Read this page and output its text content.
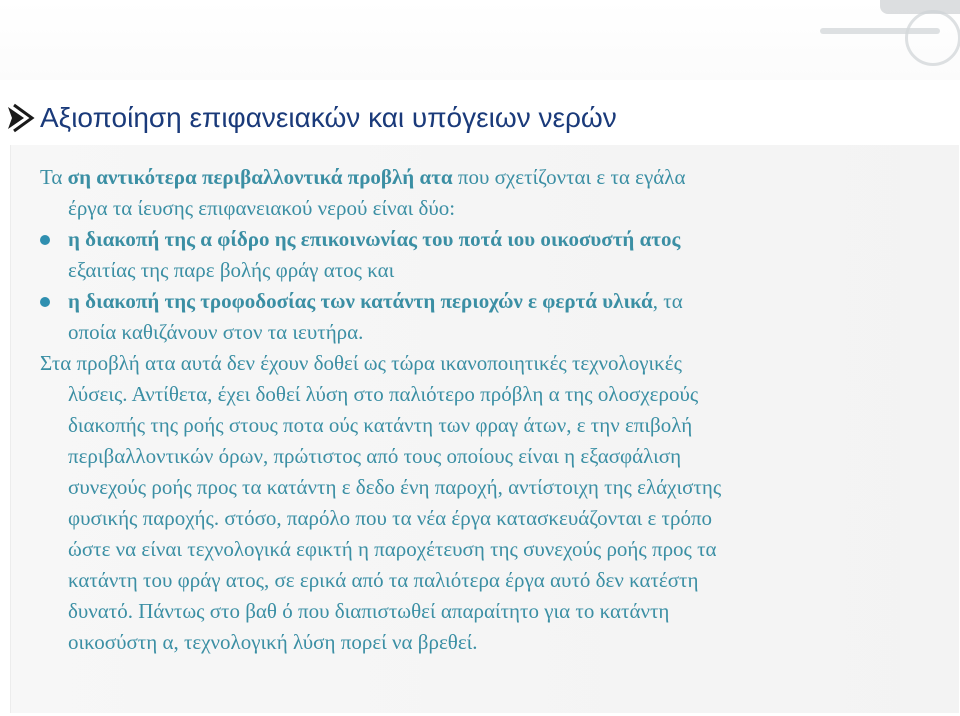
Αξιοποίηση επιφανειακών και υπόγειων νερών
Τα ση αντικότερα περιβαλλοντικά προβλή ατα που σχετίζονται ε τα εγάλα
έργα τα ίευσης επιφανειακού νερού είναι δύο:
η διακοπή της α φίδρο ης επικοινωνίας του ποτά ιου οικοσυστή ατος
εξαιτίας της παρε βολής φράγ ατος και
η διακοπή της τροφοδοσίας των κατάντη περιοχών ε φερτά υλικά, τα
οποία καθιζάνουν στον τα ιευτήρα.
Στα προβλή ατα αυτά δεν έχουν δοθεί ως τώρα ικανοποιητικές τεχνολογικές
λύσεις. Αντίθετα, έχει δοθεί λύση στο παλιότερο πρόβλη α της ολοσχερούς
διακοπής της ροής στους ποτα ούς κατάντη των φραγ άτων, ε την επιβολή
περιβαλλοντικών όρων, πρώτιστος από τους οποίους είναι η εξασφάλιση
συνεχούς ροής προς τα κατάντη ε δεδο ένη παροχή, αντίστοιχη της ελάχιστης
φυσικής παροχής. στόσο, παρόλο που τα νέα έργα κατασκευάζονται ε τρόπο
ώστε να είναι τεχνολογικά εφικτή η παροχέτευση της συνεχούς ροής προς τα
κατάντη του φράγ ατος, σε ερικά από τα παλιότερα έργα αυτό δεν κατέστη
δυνατό. Πάντως στο βαθ ό που διαπιστωθεί απαραίτητο για το κατάντη
οικοσύστη α, τεχνολογική λύση πορεί να βρεθεί.
